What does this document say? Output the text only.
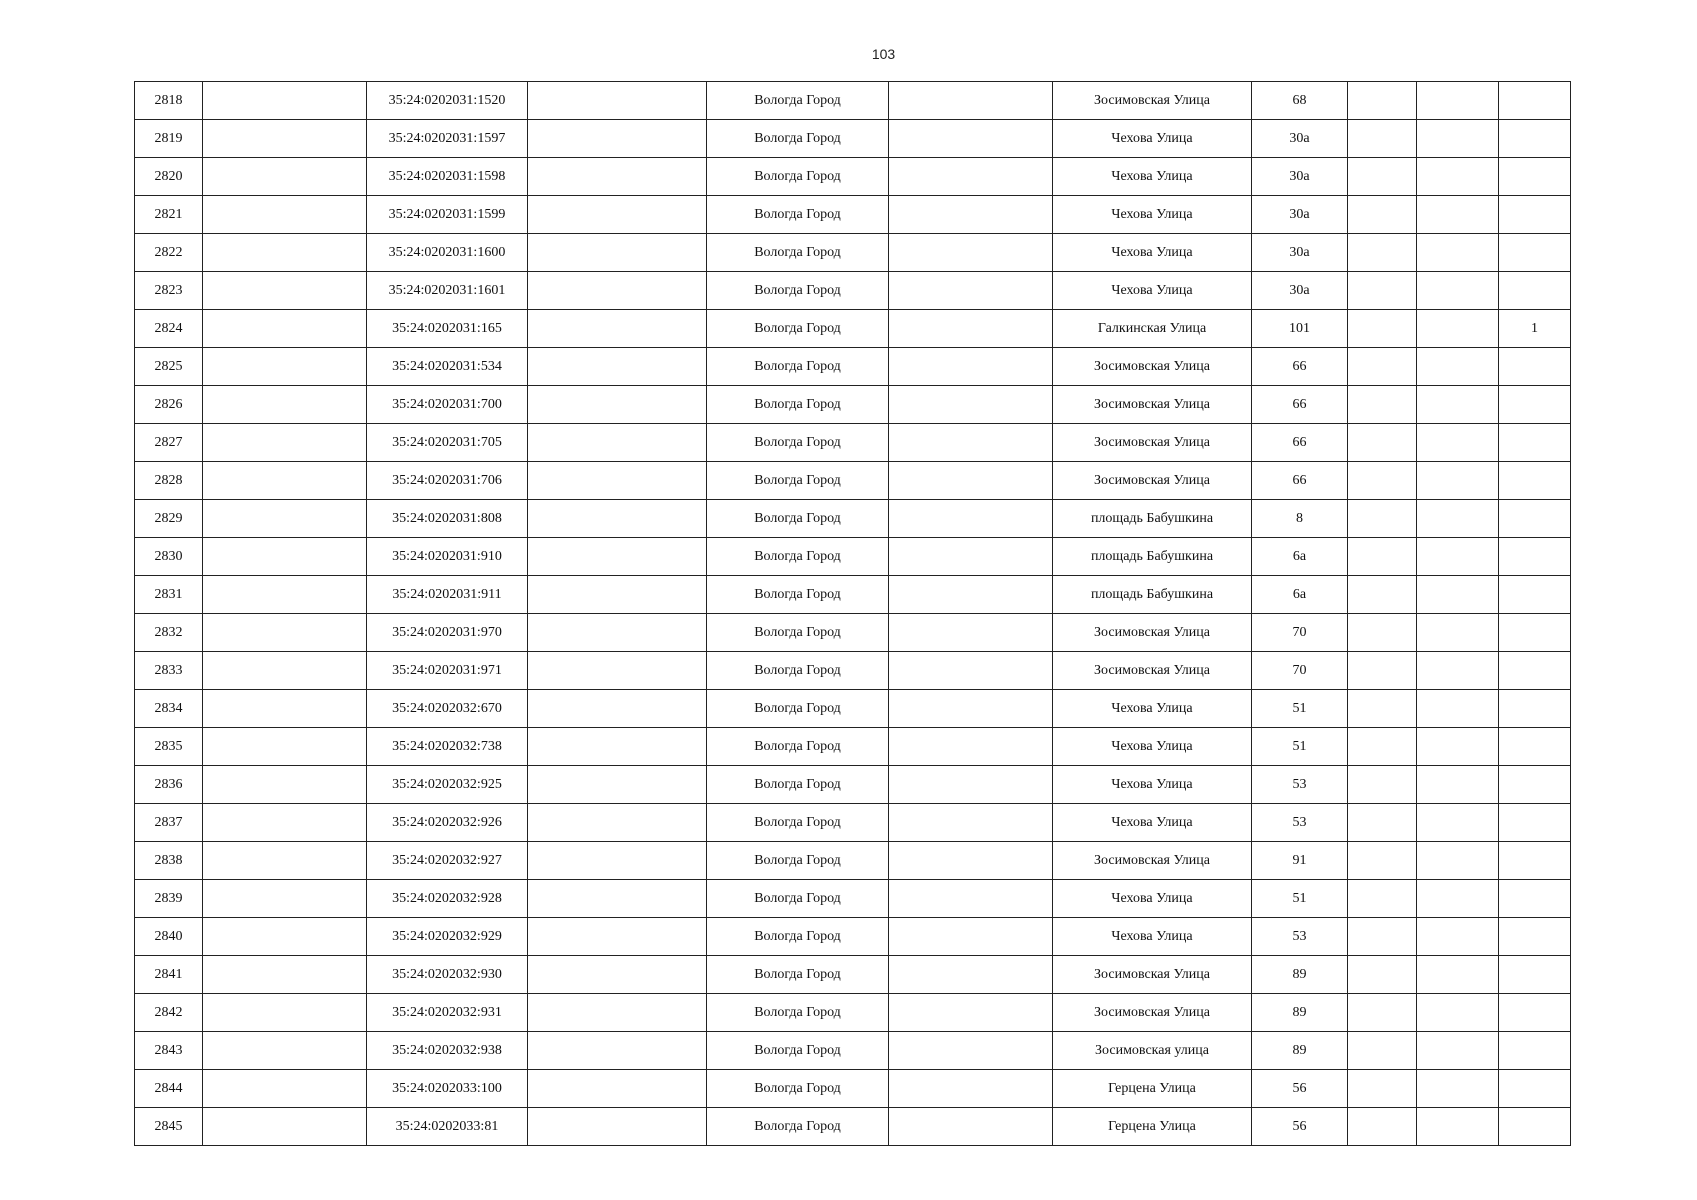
103
2818		35:24:0202031:1520		Вологда Город		Зосимовская Улица	68			
2819		35:24:0202031:1597		Вологда Город		Чехова Улица	30а			
2820		35:24:0202031:1598		Вологда Город		Чехова Улица	30а			
2821		35:24:0202031:1599		Вологда Город		Чехова Улица	30а			
2822		35:24:0202031:1600		Вологда Город		Чехова Улица	30а			
2823		35:24:0202031:1601		Вологда Город		Чехова Улица	30а			
2824		35:24:0202031:165		Вологда Город		Галкинская Улица	101			1
2825		35:24:0202031:534		Вологда Город		Зосимовская Улица	66			
2826		35:24:0202031:700		Вологда Город		Зосимовская Улица	66			
2827		35:24:0202031:705		Вологда Город		Зосимовская Улица	66			
2828		35:24:0202031:706		Вологда Город		Зосимовская Улица	66			
2829		35:24:0202031:808		Вологда Город		площадь Бабушкина	8			
2830		35:24:0202031:910		Вологда Город		площадь Бабушкина	6а			
2831		35:24:0202031:911		Вологда Город		площадь Бабушкина	6а			
2832		35:24:0202031:970		Вологда Город		Зосимовская Улица	70			
2833		35:24:0202031:971		Вологда Город		Зосимовская Улица	70			
2834		35:24:0202032:670		Вологда Город		Чехова Улица	51			
2835		35:24:0202032:738		Вологда Город		Чехова Улица	51			
2836		35:24:0202032:925		Вологда Город		Чехова Улица	53			
2837		35:24:0202032:926		Вологда Город		Чехова Улица	53			
2838		35:24:0202032:927		Вологда Город		Зосимовская Улица	91			
2839		35:24:0202032:928		Вологда Город		Чехова Улица	51			
2840		35:24:0202032:929		Вологда Город		Чехова Улица	53			
2841		35:24:0202032:930		Вологда Город		Зосимовская Улица	89			
2842		35:24:0202032:931		Вологда Город		Зосимовская Улица	89			
2843		35:24:0202032:938		Вологда Город		Зосимовская улица	89			
2844		35:24:0202033:100		Вологда Город		Герцена Улица	56			
2845		35:24:0202033:81		Вологда Город		Герцена Улица	56			
